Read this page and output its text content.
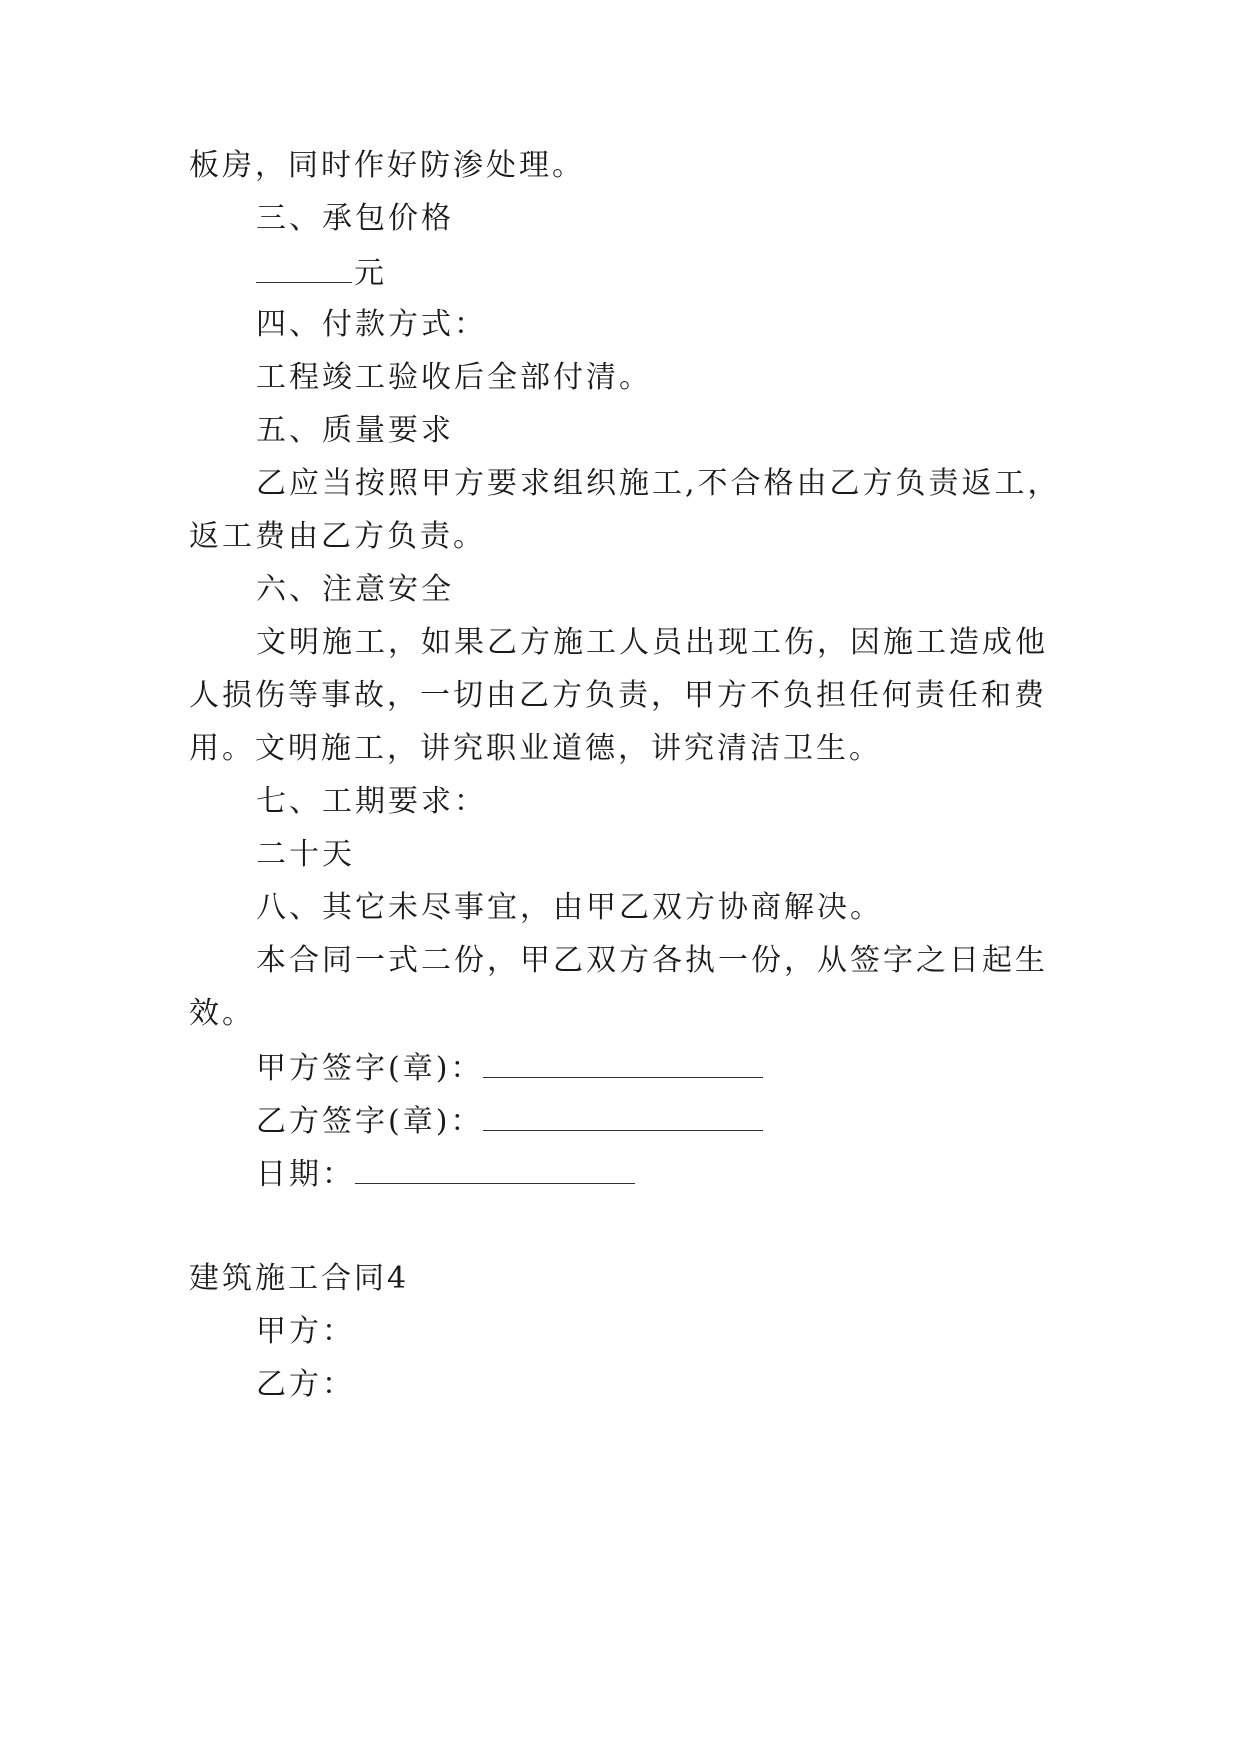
板房，同时作好防渗处理。
三、承包价格
元
四、付款方式：
工程竣工验收后全部付清。
五、质量要求
乙应当按照甲方要求组织施工,不合格由乙方负责返工，
返工费由乙方负责。
六、注意安全
文明施工，如果乙方施工人员出现工伤，因施工造成他
人损伤等事故，一切由乙方负责，甲方不负担任何责任和费
用。文明施工，讲究职业道德，讲究清洁卫生。
七、工期要求：
二十天
八、其它未尽事宜，由甲乙双方协商解决。
本合同一式二份，甲乙双方各执一份，从签字之日起生
效。
甲方签字(章)：
乙方签字(章)：
日期：
建筑施工合同4
甲方：
乙方：
